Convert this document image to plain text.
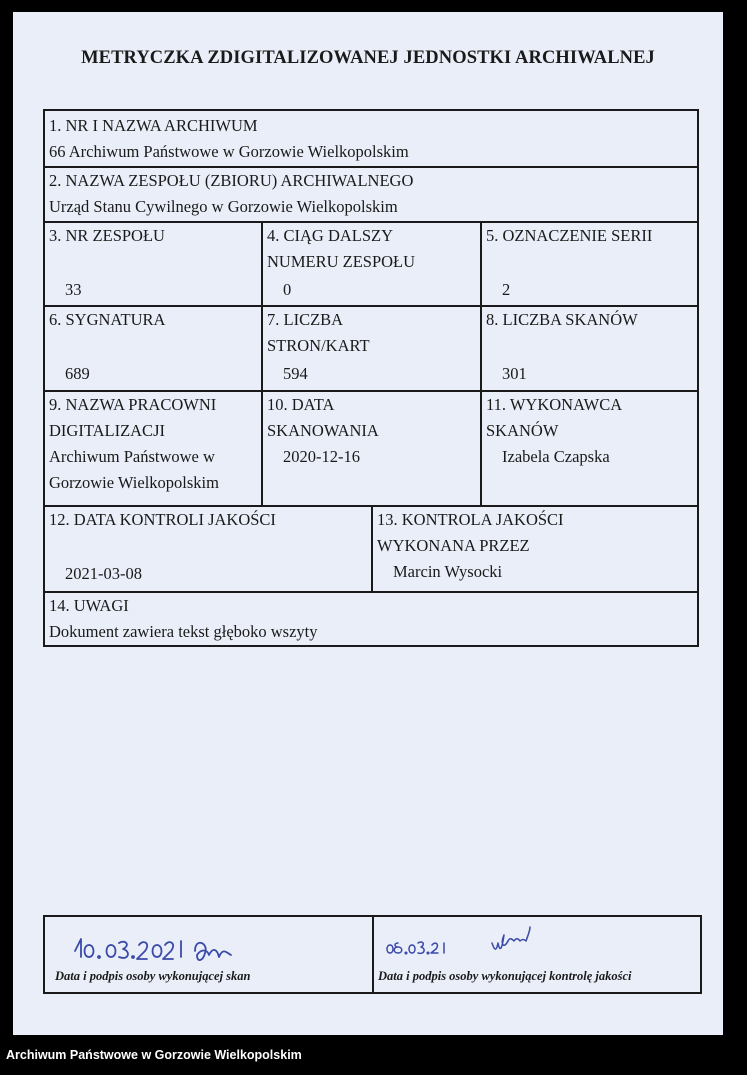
METRYCZKA ZDIGITALIZOWANEJ JEDNOSTKI ARCHIWALNEJ
1. NR I NAZWA ARCHIWUM
66 Archiwum Państwowe w Gorzowie Wielkopolskim
2. NAZWA ZESPOŁU (ZBIORU) ARCHIWALNEGO
Urząd Stanu Cywilnego w Gorzowie Wielkopolskim
3. NR ZESPOŁU
33
4. CIĄG DALSZY
NUMERU ZESPOŁU
0
5. OZNACZENIE SERII
2
6. SYGNATURA
689
7. LICZBA
STRON/KART
594
8. LICZBA SKANÓW
301
9. NAZWA PRACOWNI
DIGITALIZACJI
Archiwum Państwowe w
Gorzowie Wielkopolskim
10. DATA
SKANOWANIA
2020-12-16
11. WYKONAWCA
SKANÓW
Izabela Czapska
12. DATA KONTROLI JAKOŚCI
2021-03-08
13. KONTROLA JAKOŚCI
WYKONANA PRZEZ
Marcin Wysocki
14. UWAGI
Dokument zawiera tekst głęboko wszyty
Data i podpis osoby wykonującej skan	Data i podpis osoby wykonującej kontrolę jakości
Archiwum Państwowe w Gorzowie Wielkopolskim
